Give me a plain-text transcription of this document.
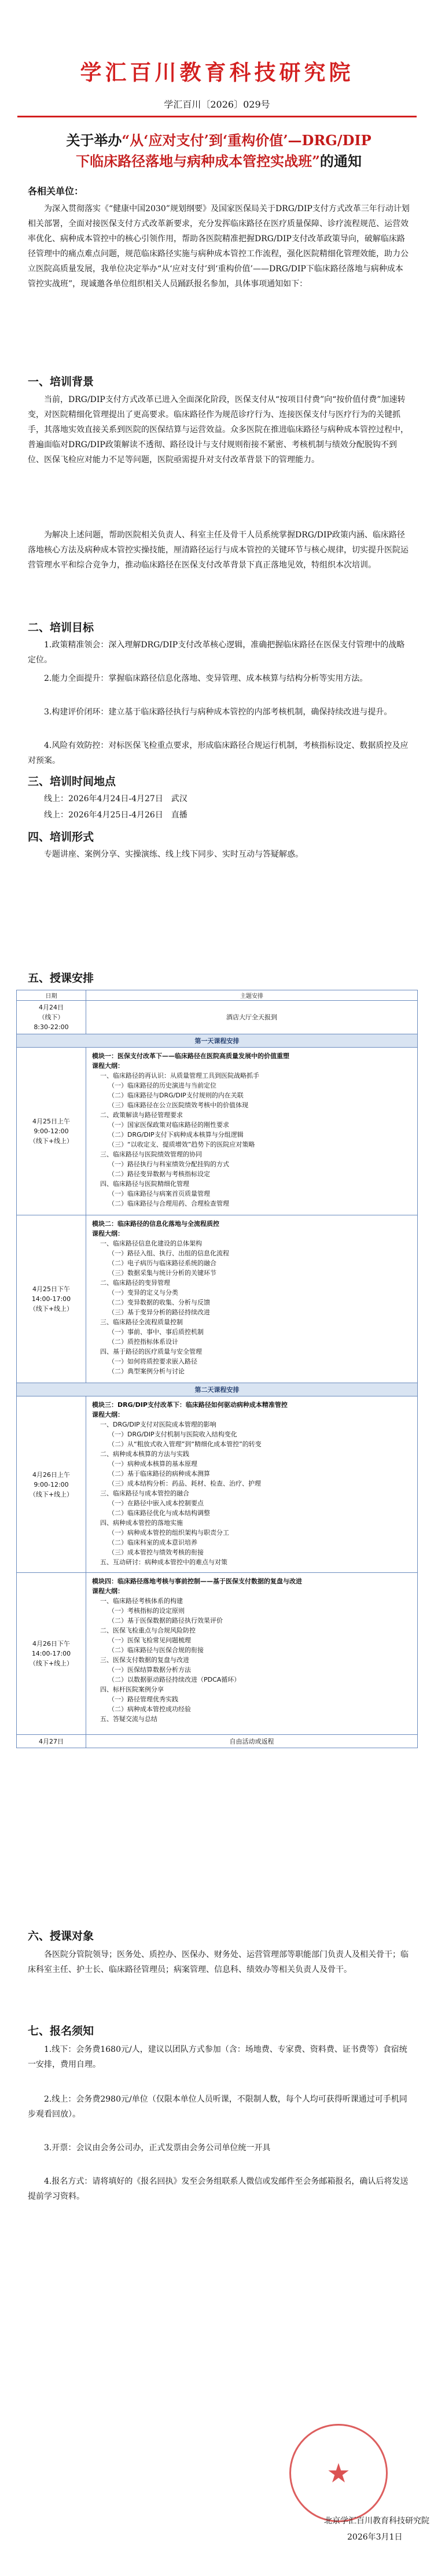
学汇百川教育科技研究院
学汇百川〔2026〕029号
关于举办“从‘应对支付’到‘重构价值’—DRG/DIP
下临床路径落地与病种成本管控实战班”的通知
各相关单位：
为深入贯彻落实《“健康中国2030”规划纲要》及国家医保局关于DRG/DIP支付方式改革三年行动计划相关部署，全面对接医保支付方式改革新要求，充分发挥临床路径在医疗质量保障、诊疗流程规范、运营效率优化、病种成本管控中的核心引领作用，帮助各医院精准把握DRG/DIP支付改革政策导向，破解临床路径管理中的痛点难点问题，规范临床路径实施与病种成本管控工作流程，强化医院精细化管理效能，助力公立医院高质量发展，我单位决定举办“从‘应对支付’到‘重构价值’——DRG/DIP下临床路径落地与病种成本管控实战班”，现诚邀各单位组织相关人员踊跃报名参加，具体事项通知如下：
一、培训背景
当前，DRG/DIP支付方式改革已进入全面深化阶段，医保支付从“按项目付费”向“按价值付费”加速转变，对医院精细化管理提出了更高要求。临床路径作为规范诊疗行为、连接医保支付与医疗行为的关键抓手，其落地实效直接关系到医院的医保结算与运营效益。众多医院在推进临床路径与病种成本管控过程中，普遍面临对DRG/DIP政策解读不透彻、路径设计与支付规则衔接不紧密、考核机制与绩效分配脱钩不到位、医保飞检应对能力不足等问题，医院亟需提升对支付改革背景下的管理能力。
为解决上述问题，帮助医院相关负责人、科室主任及骨干人员系统掌握DRG/DIP政策内涵、临床路径落地核心方法及病种成本管控实操技能，厘清路径运行与成本管控的关键环节与核心规律，切实提升医院运营管理水平和综合竞争力，推动临床路径在医保支付改革背景下真正落地见效，特组织本次培训。
二、培训目标
1.政策精准领会：深入理解DRG/DIP支付改革核心逻辑，准确把握临床路径在医保支付管理中的战略定位。
2.能力全面提升：掌握临床路径信息化落地、变异管理、成本核算与结构分析等实用方法。
3.构建评价闭环：建立基于临床路径执行与病种成本管控的内部考核机制，确保持续改进与提升。
4.风险有效防控：对标医保飞检重点要求，形成临床路径合规运行机制，考核指标设定、数据质控及应对预案。
三、培训时间地点
线上：2026年4月24日-4月27日　武汉
线上：2026年4月25日-4月26日　直播
四、培训形式
专题讲座、案例分享、实操演练、线上线下同步、实时互动与答疑解惑。
五、授课安排
日期	主题安排
4月24日
（线下）
8:30-22:00
酒店大厅全天报到
第一天课程安排
4月25日上午
9:00-12:00
（线下+线上）
模块一：医保支付改革下——临床路径在医院高质量发展中的价值重塑
课程大纲：
一、临床路径的再认识：从质量管理工具到医院战略抓手
（一）临床路径的历史演进与当前定位
（二）临床路径与DRG/DIP支付规则的内在关联
（三）临床路径在公立医院绩效考核中的价值体现
二、政策解读与路径管理要求
（一）国家医保政策对临床路径的刚性要求
（二）DRG/DIP支付下病种成本核算与分组逻辑
（三）“以收定支、提质增效”趋势下的医院应对策略
三、临床路径与医院绩效管理的协同
（一）路径执行与科室绩效分配挂钩的方式
（二）路径变异数据与考核指标设定
四、临床路径与医院精细化管理
（一）临床路径与病案首页质量管理
（二）临床路径与合理用药、合理检查管理
4月25日下午
14:00-17:00
（线下+线上）
模块二：临床路径的信息化落地与全流程质控
课程大纲：
一、临床路径信息化建设的总体架构
（一）路径入组、执行、出组的信息化流程
（二）电子病历与临床路径系统的融合
（三）数据采集与统计分析的关键环节
二、临床路径的变异管理
（一）变异的定义与分类
（二）变异数据的收集、分析与反馈
（三）基于变异分析的路径持续改进
三、临床路径全流程质量控制
（一）事前、事中、事后质控机制
（二）质控指标体系设计
四、基于路径的医疗质量与安全管理
（一）如何将质控要求嵌入路径
（二）典型案例分析与讨论
第二天课程安排
4月26日上午
9:00-12:00
（线下+线上）
模块三：DRG/DIP支付改革下：临床路径如何驱动病种成本精准管控
课程大纲：
一、DRG/DIP支付对医院成本管理的影响
（一）DRG/DIP支付机制与医院收入结构变化
（二）从“粗放式收入管理”到“精细化成本管控”的转变
二、病种成本核算的方法与实践
（一）病种成本核算的基本原理
（二）基于临床路径的病种成本测算
（三）成本结构分析：药品、耗材、检查、治疗、护理
三、临床路径与成本管控的融合
（一）在路径中嵌入成本控制要点
（二）临床路径优化与成本结构调整
四、病种成本管控的落地实施
（一）病种成本管控的组织架构与职责分工
（二）临床科室的成本意识培养
（三）成本管控与绩效考核的衔接
五、互动研讨：病种成本管控中的难点与对策
4月26日下午
14:00-17:00
（线下+线上）
模块四：临床路径落地考核与事前控制——基于医保支付数据的复盘与改进
课程大纲：
一、临床路径考核体系的构建
（一）考核指标的设定原则
（二）基于医保数据的路径执行效果评价
二、医保飞检重点与合规风险防控
（一）医保飞检常见问题梳理
（二）临床路径与医保合规的衔接
三、医保支付数据的复盘与改进
（一）医保结算数据分析方法
（二）以数据驱动路径持续改进（PDCA循环）
四、标杆医院案例分享
（一）路径管理优秀实践
（二）病种成本管控成功经验
五、答疑交流与总结
4月27日	自由活动或返程
六、授课对象
各医院分管院领导；医务处、质控办、医保办、财务处、运营管理部等职能部门负责人及相关骨干；临床科室主任、护士长、临床路径管理员；病案管理、信息科、绩效办等相关负责人及骨干。
七、报名须知
1.线下：会务费1680元/人，建议以团队方式参加（含：场地费、专家费、资料费、证书费等）食宿统一安排，费用自理。
2.线上：会务费2980元/单位（仅限本单位人员听课，不限制人数，每个人均可获得听课通过可手机同步观看回放）。
3.开票：会议由会务公司办，正式发票由会务公司单位统一开具
4.报名方式：请将填好的《报名回执》发至会务组联系人微信或发邮件至会务邮箱报名，确认后将发送提前学习资料。
★
北京学汇百川教育科技研究院
2026年3月1日
